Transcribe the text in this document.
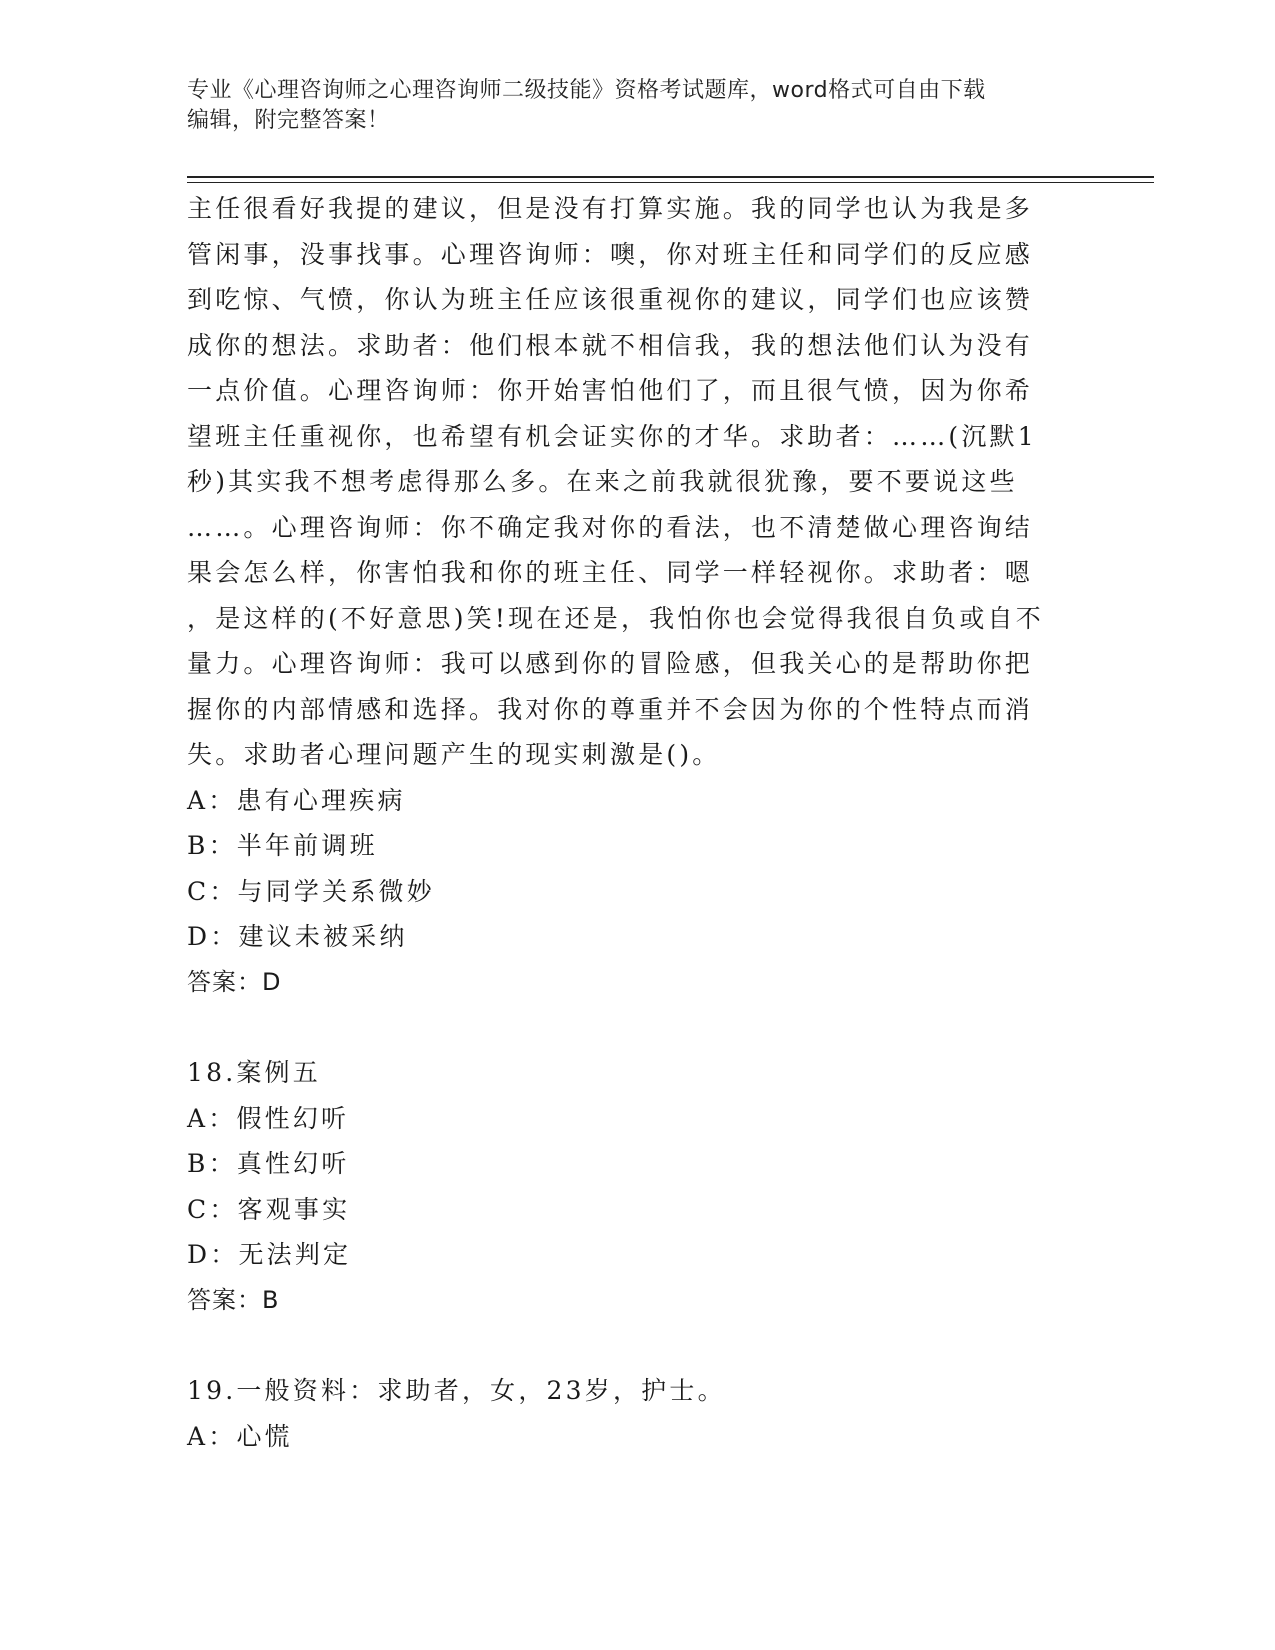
专业《心理咨询师之心理咨询师二级技能》资格考试题库，word格式可自由下载
编辑，附完整答案！
主任很看好我提的建议，但是没有打算实施。我的同学也认为我是多
管闲事，没事找事。心理咨询师：噢，你对班主任和同学们的反应感
到吃惊、气愤，你认为班主任应该很重视你的建议，同学们也应该赞
成你的想法。求助者：他们根本就不相信我，我的想法他们认为没有
一点价值。心理咨询师：你开始害怕他们了，而且很气愤，因为你希
望班主任重视你，也希望有机会证实你的才华。求助者：……(沉默1
秒)其实我不想考虑得那么多。在来之前我就很犹豫，要不要说这些
……。心理咨询师：你不确定我对你的看法，也不清楚做心理咨询结
果会怎么样，你害怕我和你的班主任、同学一样轻视你。求助者：嗯
，是这样的(不好意思)笑!现在还是，我怕你也会觉得我很自负或自不
量力。心理咨询师：我可以感到你的冒险感，但我关心的是帮助你把
握你的内部情感和选择。我对你的尊重并不会因为你的个性特点而消
失。求助者心理问题产生的现实刺激是()。
A：患有心理疾病
B：半年前调班
C：与同学关系微妙
D：建议未被采纳
答案：D
18.案例五
A：假性幻听
B：真性幻听
C：客观事实
D：无法判定
答案：B
19.一般资料：求助者，女，23岁，护士。
A：心慌
